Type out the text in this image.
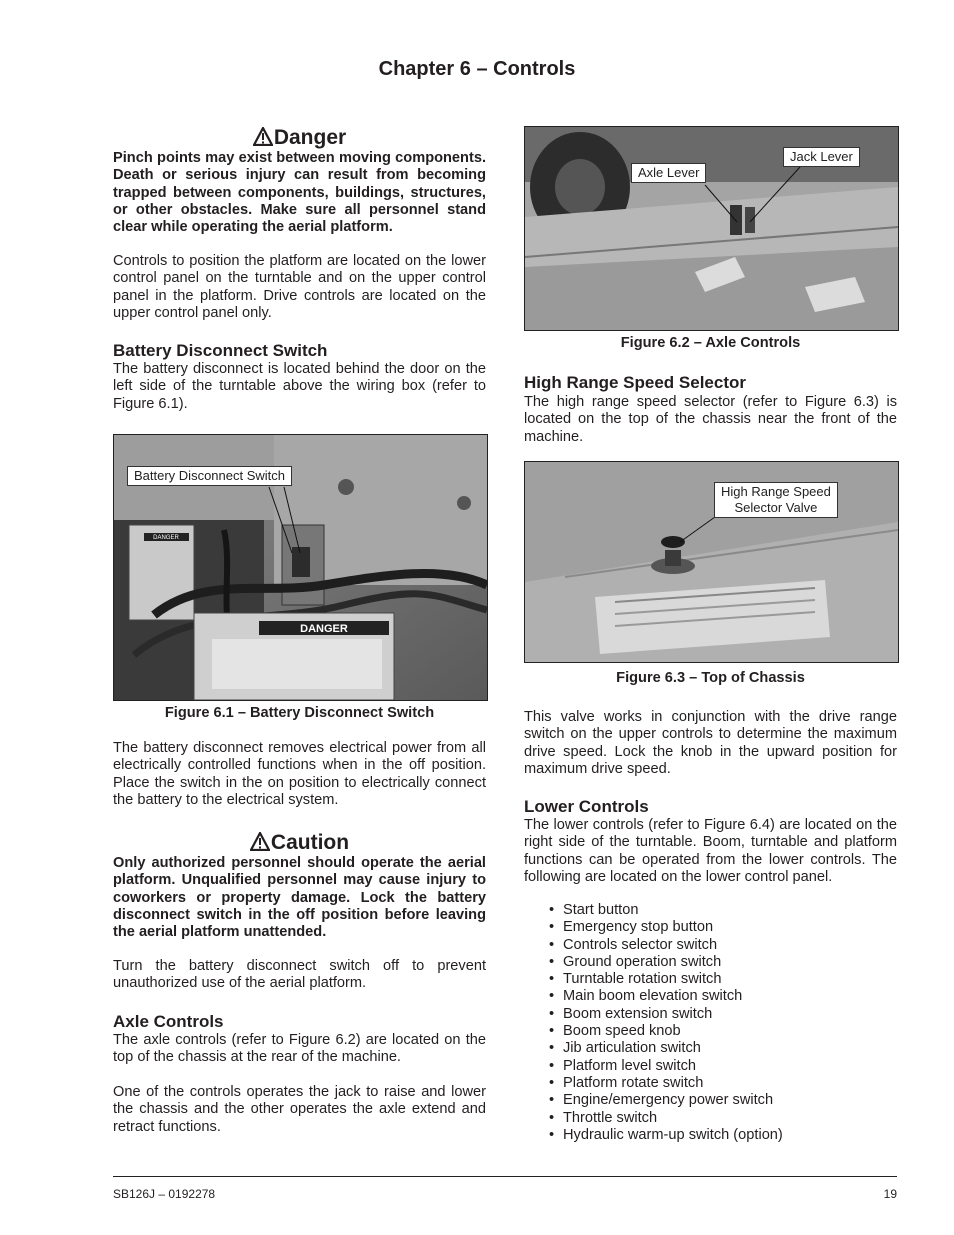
Chapter 6 – Controls
Danger
Pinch points may exist between moving components. Death or serious injury can result from becoming trapped between components, buildings, structures, or other obstacles. Make sure all personnel stand clear while operating the aerial platform.
Controls to position the platform are located on the lower control panel on the turntable and on the upper control panel in the platform. Drive controls are located on the upper control panel only.
Battery Disconnect Switch
The battery disconnect is located behind the door on the left side of the turntable above the wiring box (refer to Figure 6.1).
DANGER
DANGER
Battery Disconnect Switch
Figure 6.1 – Battery Disconnect Switch
The battery disconnect removes electrical power from all electrically controlled functions when in the off position. Place the switch in the on position to electrically connect the battery to the electrical system.
Caution
Only authorized personnel should operate the aerial platform. Unqualified personnel may cause injury to coworkers or property damage. Lock the battery disconnect switch in the off position before leaving the aerial platform unattended.
Turn the battery disconnect switch off to prevent unauthorized use of the aerial platform.
Axle Controls
The axle controls (refer to Figure 6.2) are located on the top of the chassis at the rear of the machine.
One of the controls operates the jack to raise and lower the chassis and the other operates the axle extend and retract functions.
Axle Lever
Jack Lever
Figure 6.2 – Axle Controls
High Range Speed Selector
The high range speed selector (refer to Figure 6.3) is located on the top of the chassis near the front of the machine.
High Range Speed
Selector Valve
Figure 6.3 – Top of Chassis
This valve works in conjunction with the drive range switch on the upper controls to determine the maximum drive speed. Lock the knob in the upward position for maximum drive speed.
Lower Controls
The lower controls (refer to Figure 6.4) are located on the right side of the turntable. Boom, turntable and platform functions can be operated from the lower controls. The following are located on the lower control panel.
• Start button
• Emergency stop button
• Controls selector switch
• Ground operation switch
• Turntable rotation switch
• Main boom elevation switch
• Boom extension switch
• Boom speed knob
• Jib articulation switch
• Platform level switch
• Platform rotate switch
• Engine/emergency power switch
• Throttle switch
• Hydraulic warm-up switch (option)
SB126J – 0192278	19
